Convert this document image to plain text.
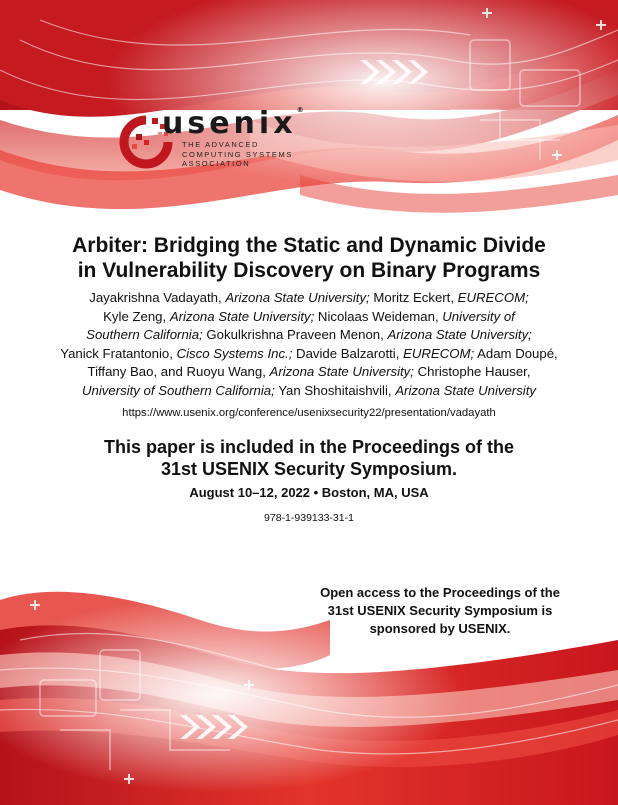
usenix®
THE ADVANCED
COMPUTING SYSTEMS
ASSOCIATION
Arbiter: Bridging the Static and Dynamic Divide
in Vulnerability Discovery on Binary Programs
Jayakrishna Vadayath, Arizona State University; Moritz Eckert, EURECOM;
Kyle Zeng, Arizona State University; Nicolaas Weideman, University of
Southern California; Gokulkrishna Praveen Menon, Arizona State University;
Yanick Fratantonio, Cisco Systems Inc.; Davide Balzarotti, EURECOM; Adam Doupé,
Tiffany Bao, and Ruoyu Wang, Arizona State University; Christophe Hauser,
University of Southern California; Yan Shoshitaishvili, Arizona State University
https://www.usenix.org/conference/usenixsecurity22/presentation/vadayath
This paper is included in the Proceedings of the
31st USENIX Security Symposium.
August 10–12, 2022 • Boston, MA, USA
978-1-939133-31-1
Open access to the Proceedings of the
31st USENIX Security Symposium is
sponsored by USENIX.
